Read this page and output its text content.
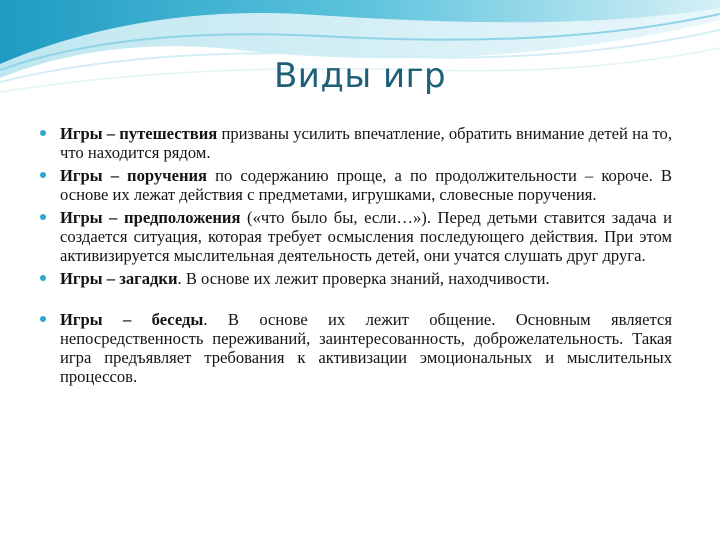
Виды игр
Игры – путешествия призваны усилить впечатление, обратить внимание детей на то, что находится рядом.
Игры – поручения по содержанию проще, а по продолжительности – короче. В основе их лежат действия с предметами, игрушками, словесные поручения.
Игры – предположения («что было бы, если…»). Перед детьми ставится задача и создается ситуация, которая требует осмысления последующего действия. При этом активизируется мыслительная деятельность детей, они учатся слушать друг друга.
Игры – загадки. В основе их лежит проверка знаний, находчивости.
Игры – беседы. В основе их лежит общение. Основным является непосредственность переживаний, заинтересованность, доброжелательность. Такая игра предъявляет требования к активизации эмоциональных и мыслительных процессов.
